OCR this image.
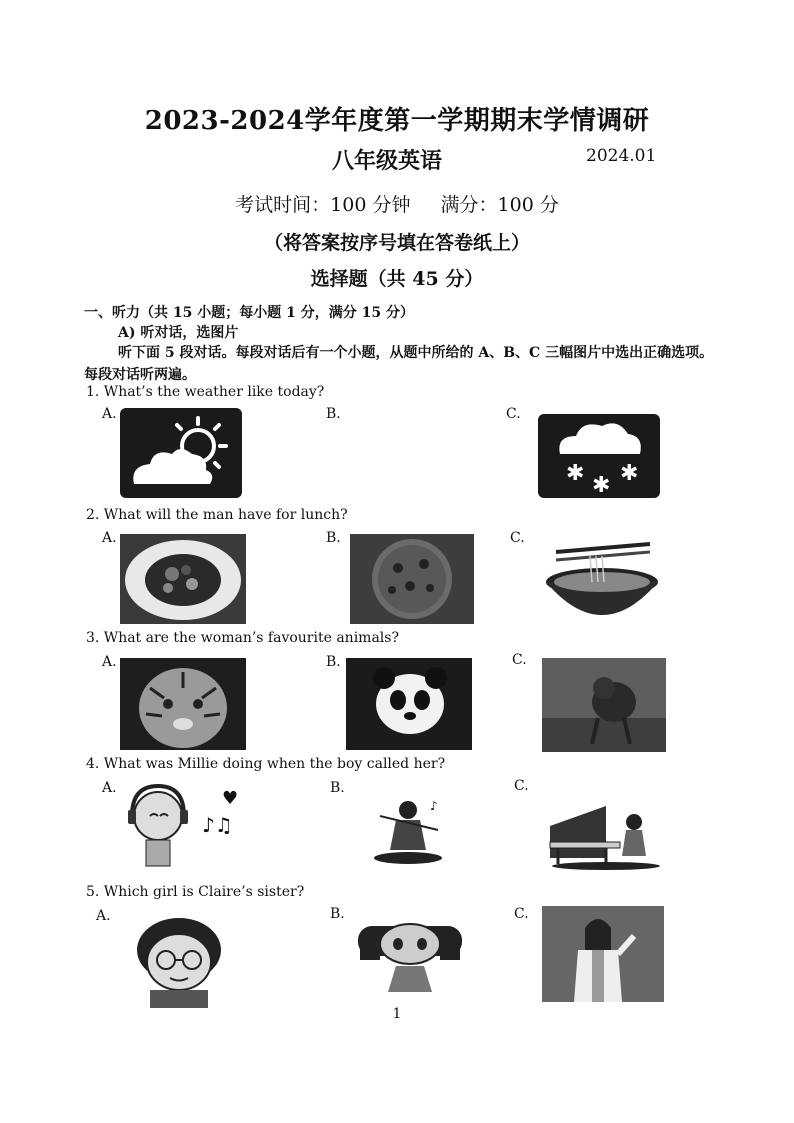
2023-2024学年度第一学期期末学情调研
八年级英语	2024.01
考试时间：100 分钟 满分：100 分
（将答案按序号填在答卷纸上）
选择题（共 45 分）
一、听力（共 15 小题；每小题 1 分，满分 15 分）
A) 听对话，选图片
听下面 5 段对话。每段对话后有一个小题，从题中所给的 A、B、C 三幅图片中选出正确选项。每段对话听两遍。
1. What’s the weather like today?
A.	B.	C.
✱ ✱ ✱
2. What will the man have for lunch?
A.	B.	C.
3. What are the woman’s favourite animals?
A.	B.	C.
4. What was Millie doing when the boy called her?
A.	B.	C.
♪♫
♥	♪
5. Which girl is Claire’s sister?
A.	B.	C.
1
